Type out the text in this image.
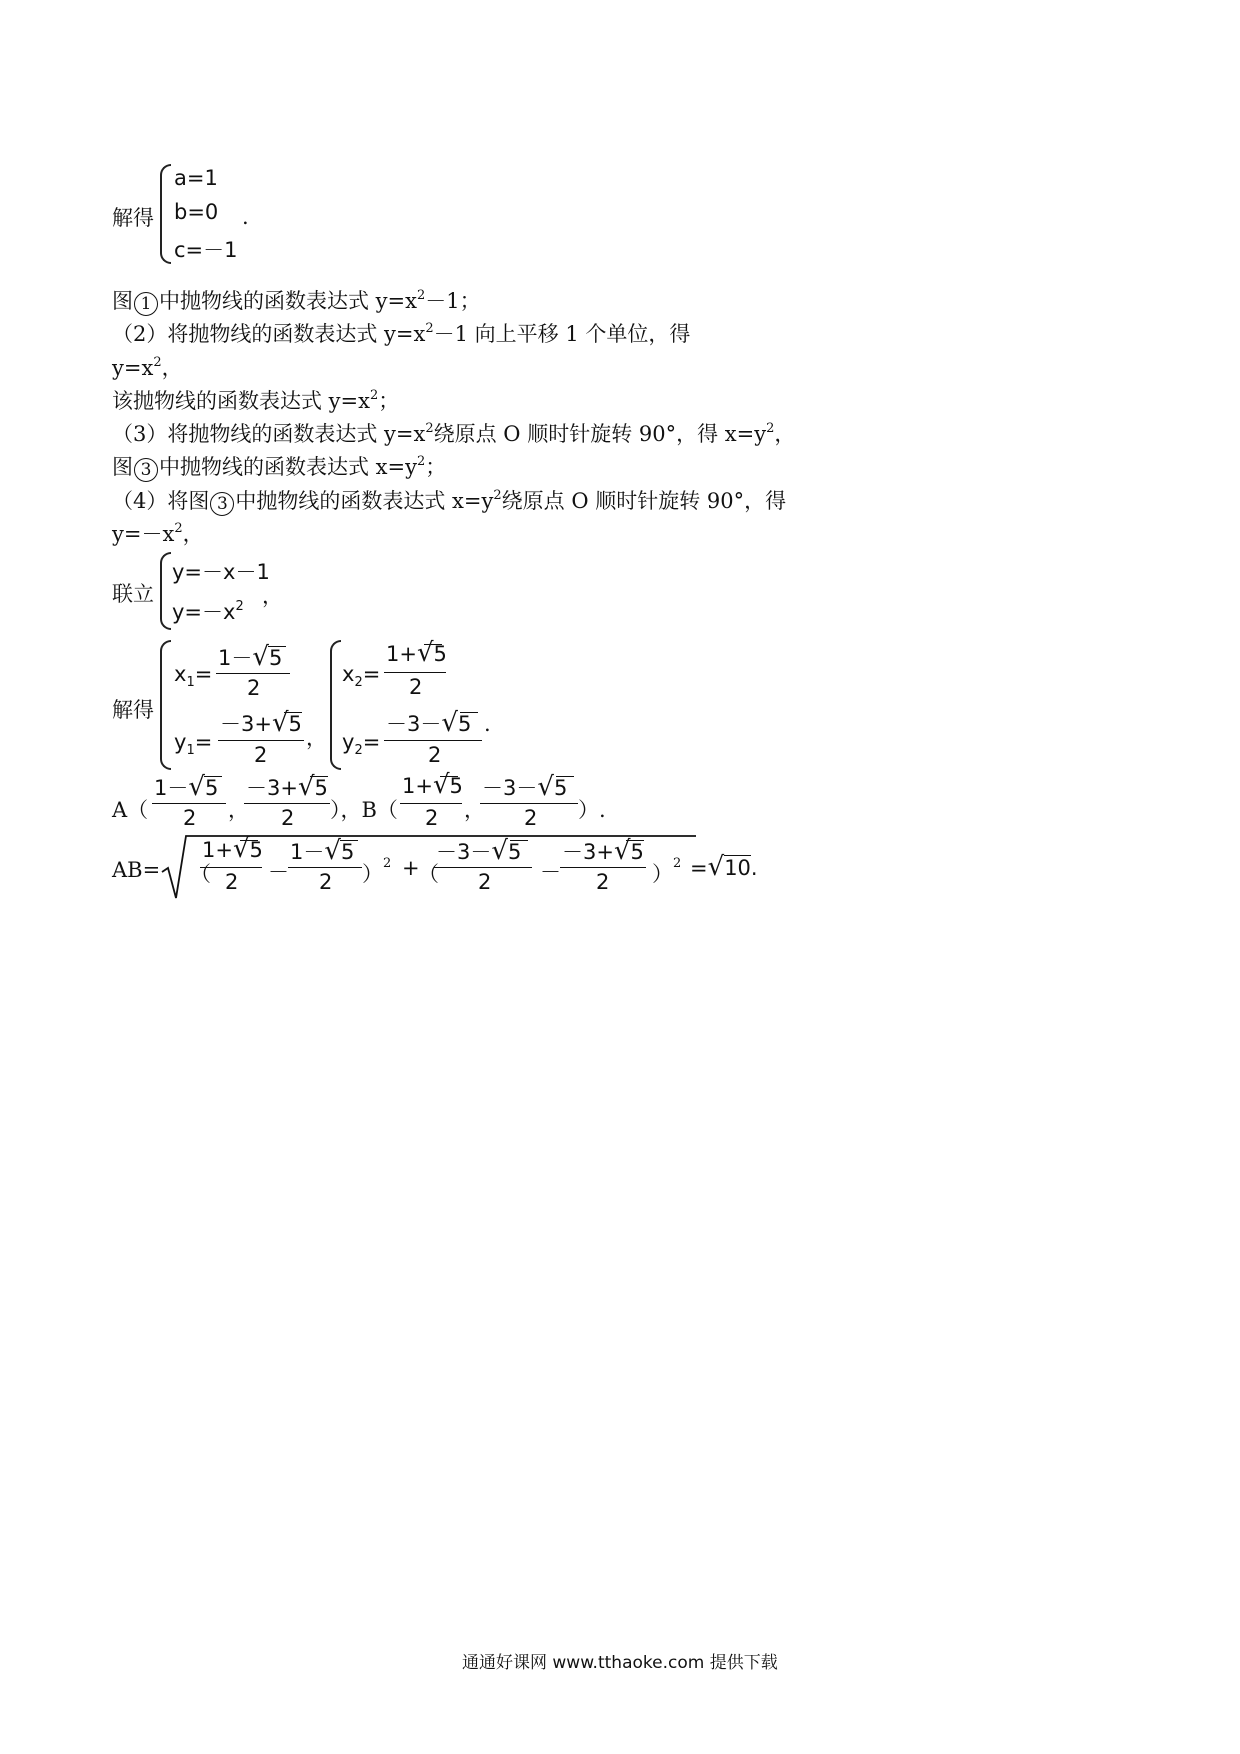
解得
a=1
b=0
c=－1
.
图 1 中抛物线的函数表达式 $y=x^2-1$；
（2）将抛物线的函数表达式 $y=x^2-1$ 向上平移 1 个单位，得
$y=x^2$，
该抛物线的函数表达式 $y=x^2$；
（3）将抛物线的函数表达式 $y=x^2$绕原点 O 顺时针旋转 90°，得 $x=y^2$，
图 3 中抛物线的函数表达式 $x=y^2$；
（4）将图 3 中抛物线的函数表达式 $x=y^2$绕原点 O 顺时针旋转 90°，得
$y=-x^2$，
联立
y=－x－1
$y=-x^2$ ，
解得
$x_1=$
1－√5
2
$y_1=$
－3+√5
2
，
$x_2=$
1+√5
2
$y_2=$
－3－√5
2
.
A（
1－√5
2 ，
－3+√5
2 ），B（
1+√5
2 ，
－3－√5
2 ）.
AB= （
1+√5
2 －
1－√5
2 ）$^2$ +
（
－3－√5
2 －
－3+√5
2 ）$^2$ =√10.
通通好课网 www.tthaoke.com 提供下载
